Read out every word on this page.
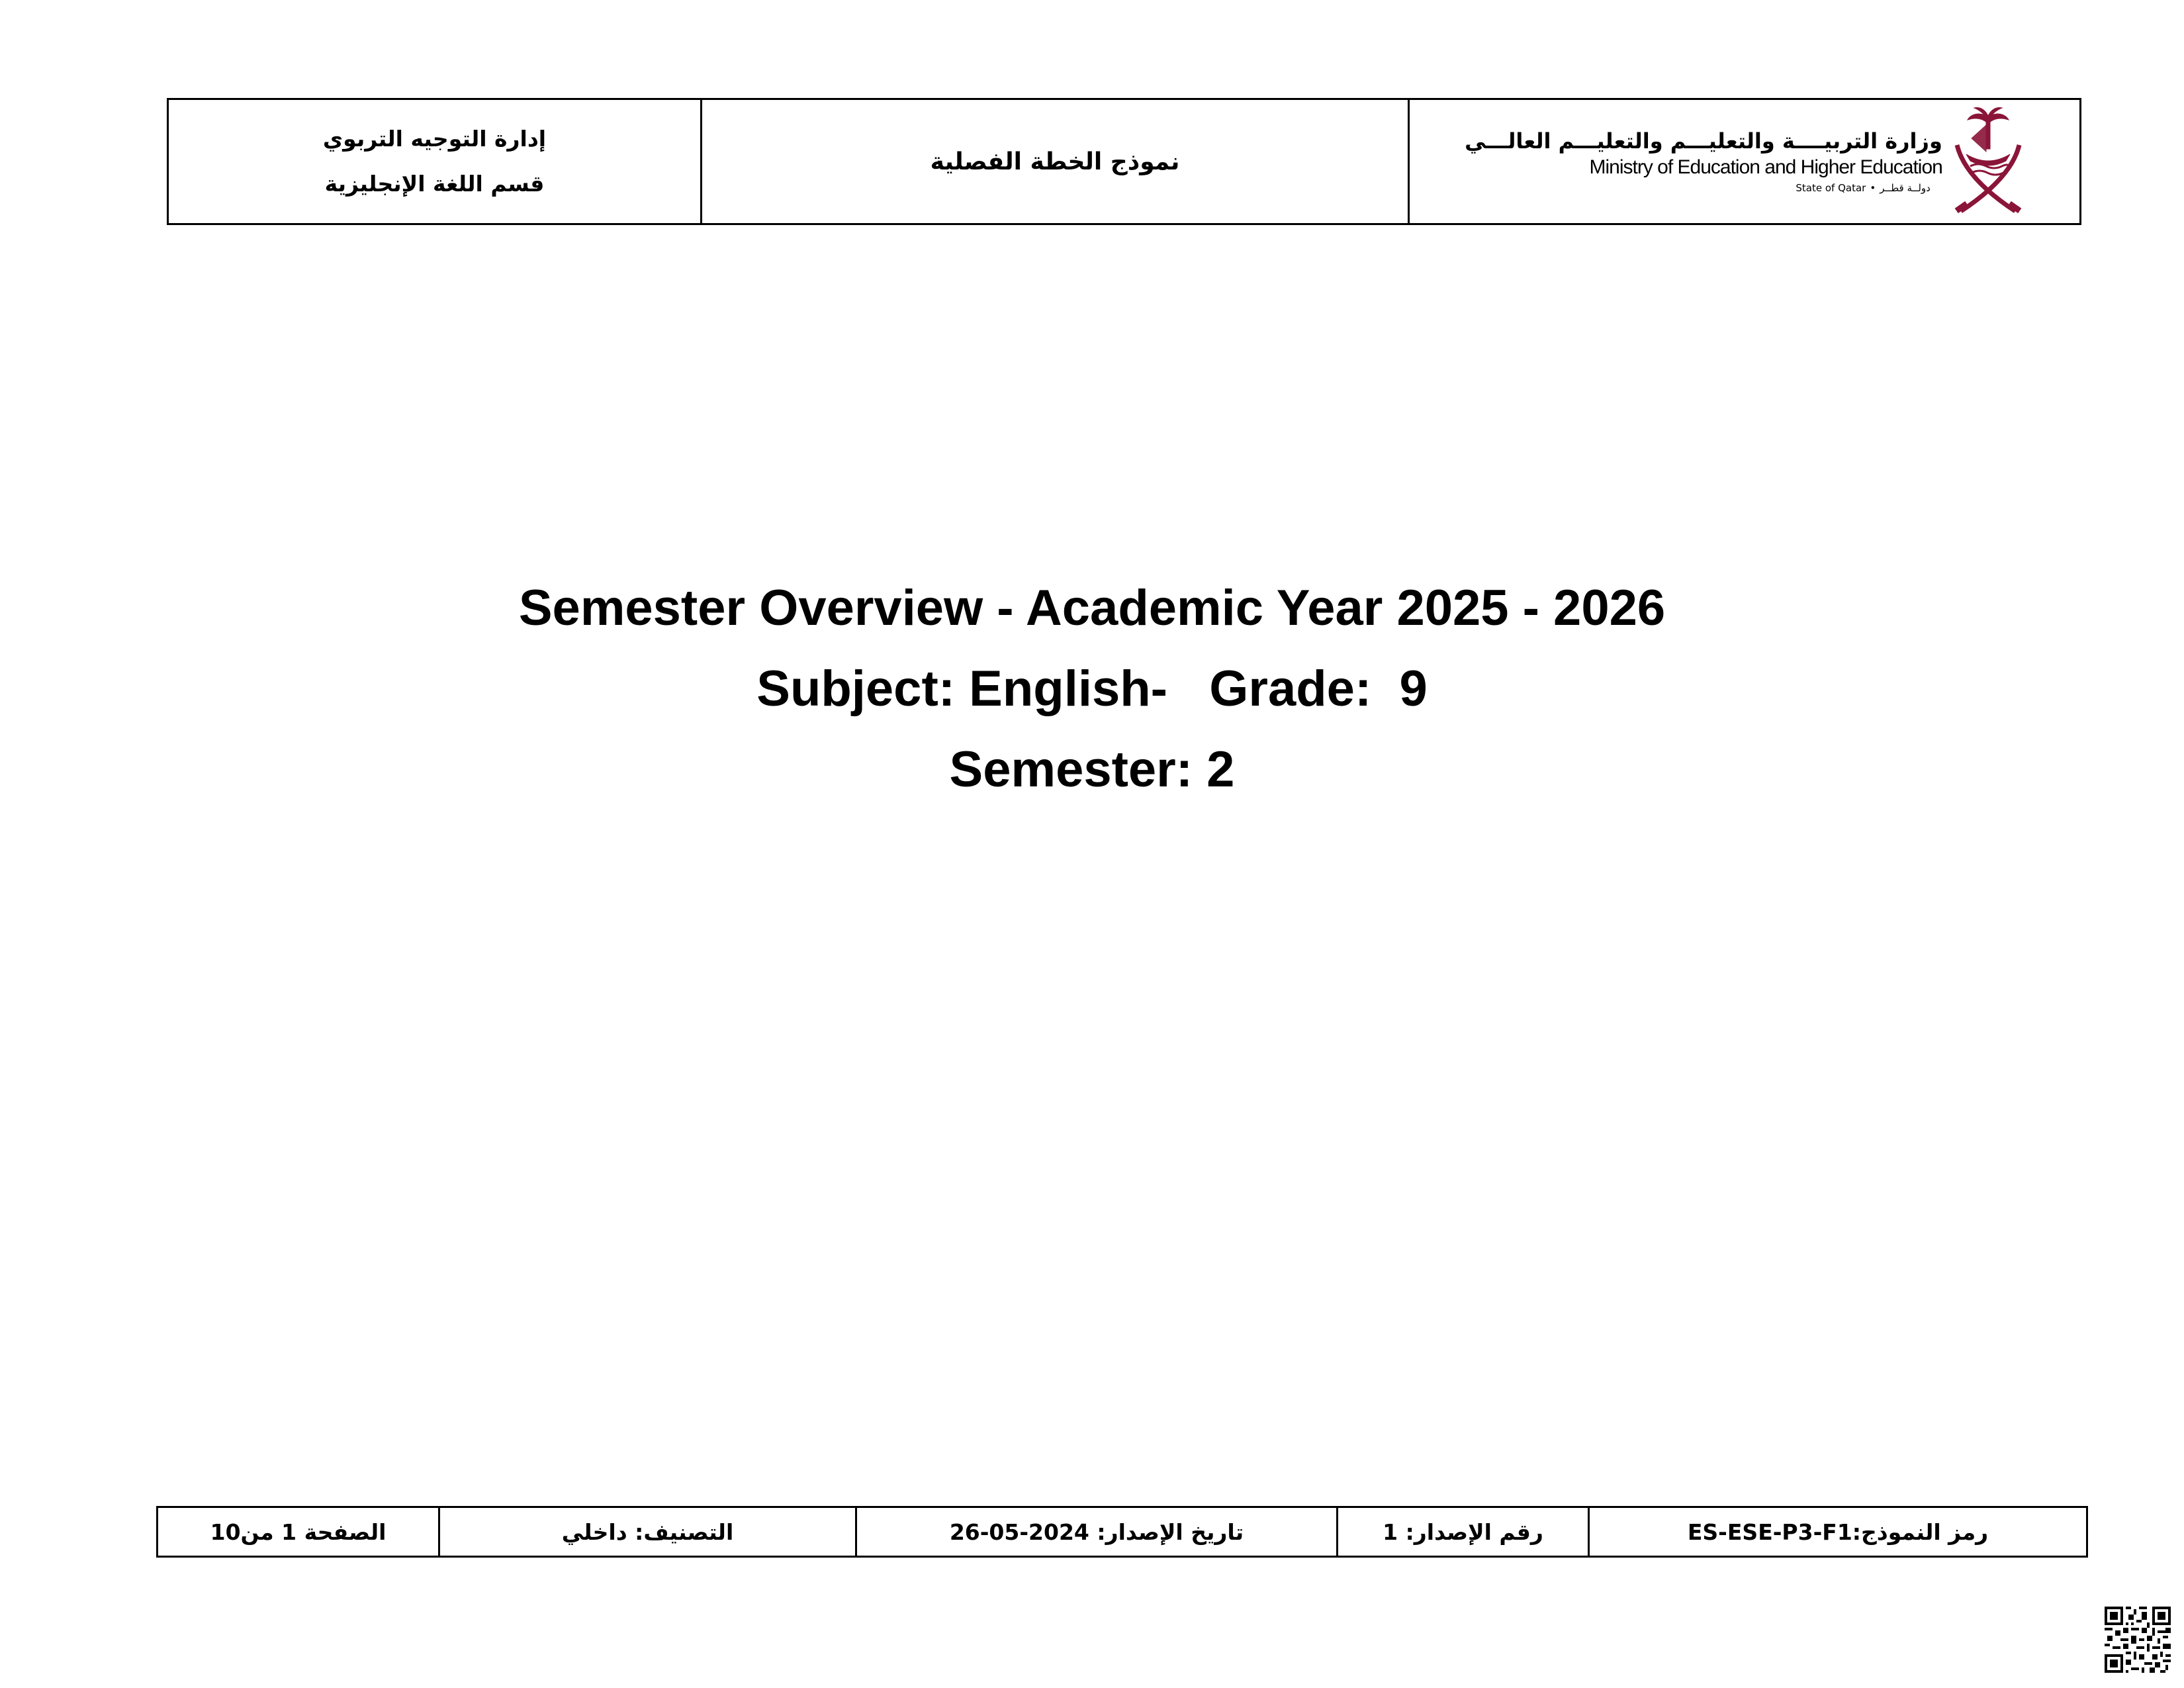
إدارة التوجيه التربوي
قسم اللغة الإنجليزية
نموذج الخطة الفصلية
وزارة التربيــــة والتعليـــم والتعليـــم العالـــي
Ministry of Education and Higher Education
State of Qatar • دولــة قطــر
Semester Overview - Academic Year 2025 - 2026
Subject: English-   Grade:  9
Semester: 2
رمز النموذج:
ES-ESE-P3-F1
رقم الإصدار:

1
تاريخ الإصدار:

26-05-2024
التصنيف: داخلي
الصفحة 1 من10
